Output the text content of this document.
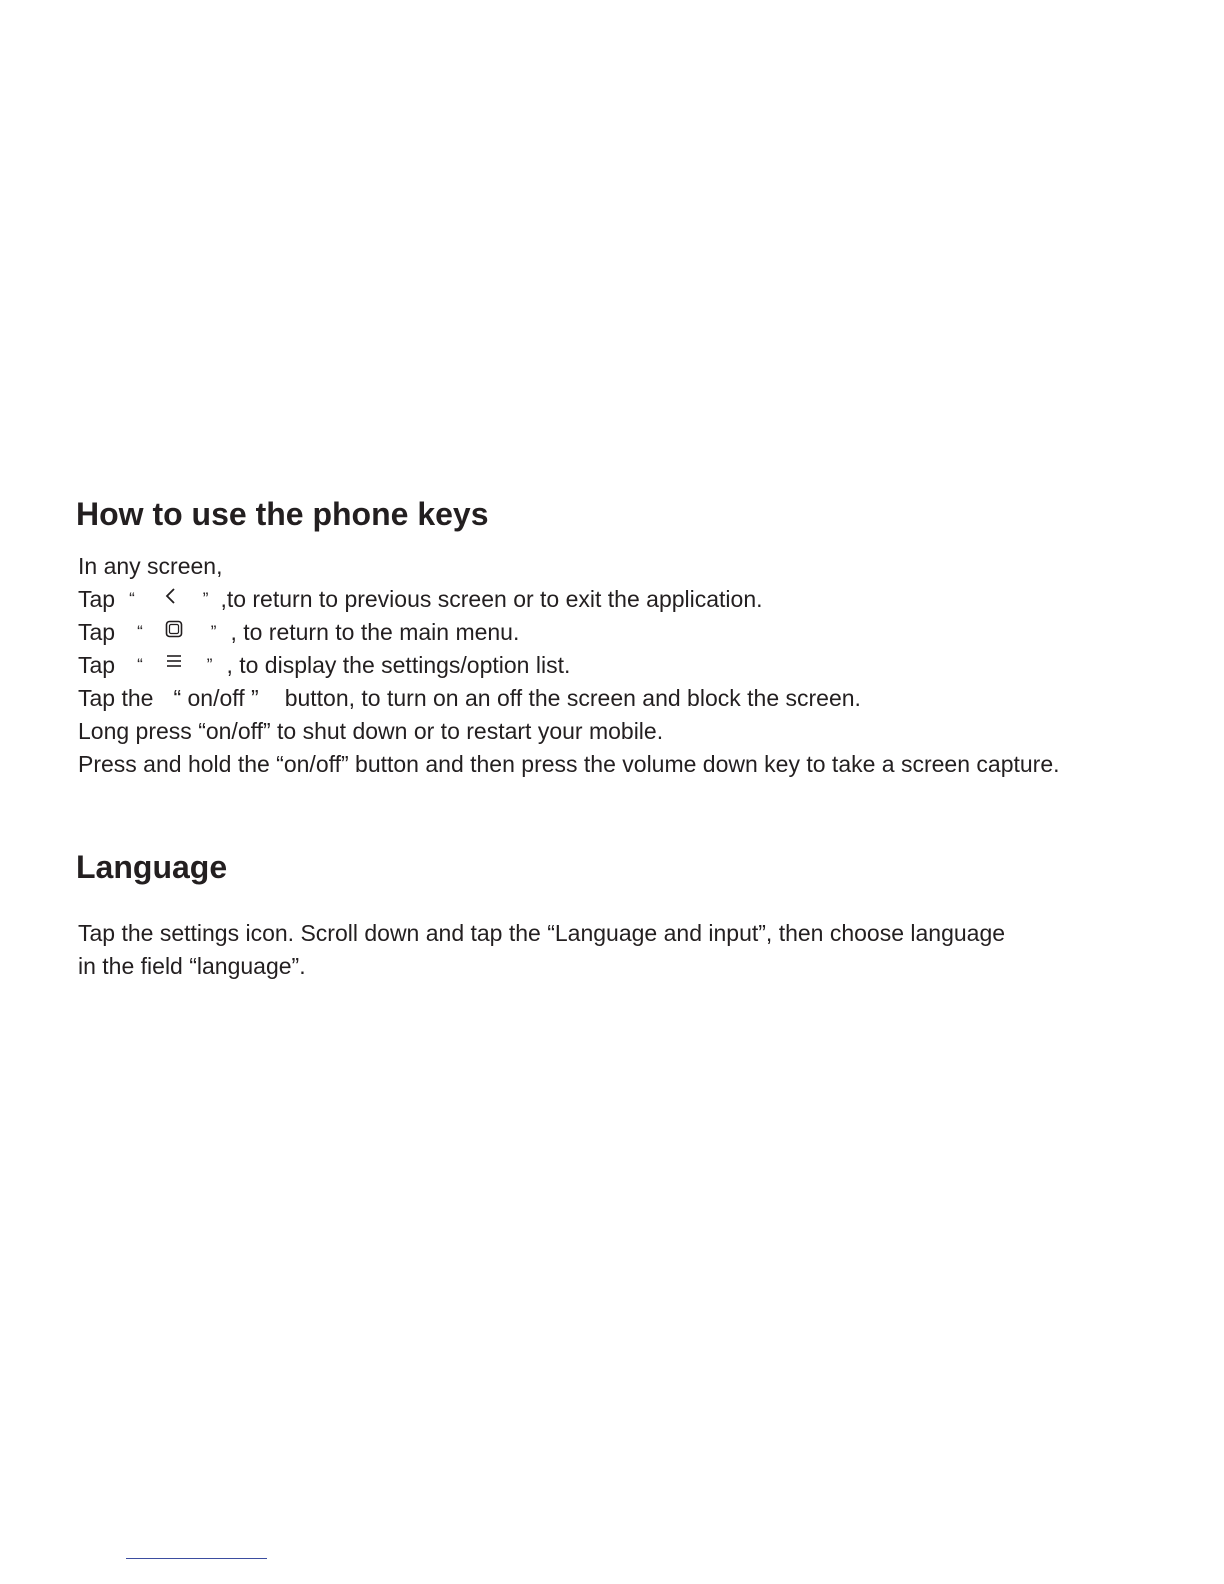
How to use the phone keys
In any screen,
Tap “	” ,to return to previous screen or to exit the application.
Tap “	” , to return to the main menu.
Tap “	” , to display the settings/option list.
Tap the “ on/off ” button, to turn on an off the screen and block the screen.
Long press “on/off” to shut down or to restart your mobile.
Press and hold the “on/off” button and then press the volume down key to take a screen capture.
Language
Tap the settings icon. Scroll down and tap the “Language and input”, then choose language
in the field “language”.
